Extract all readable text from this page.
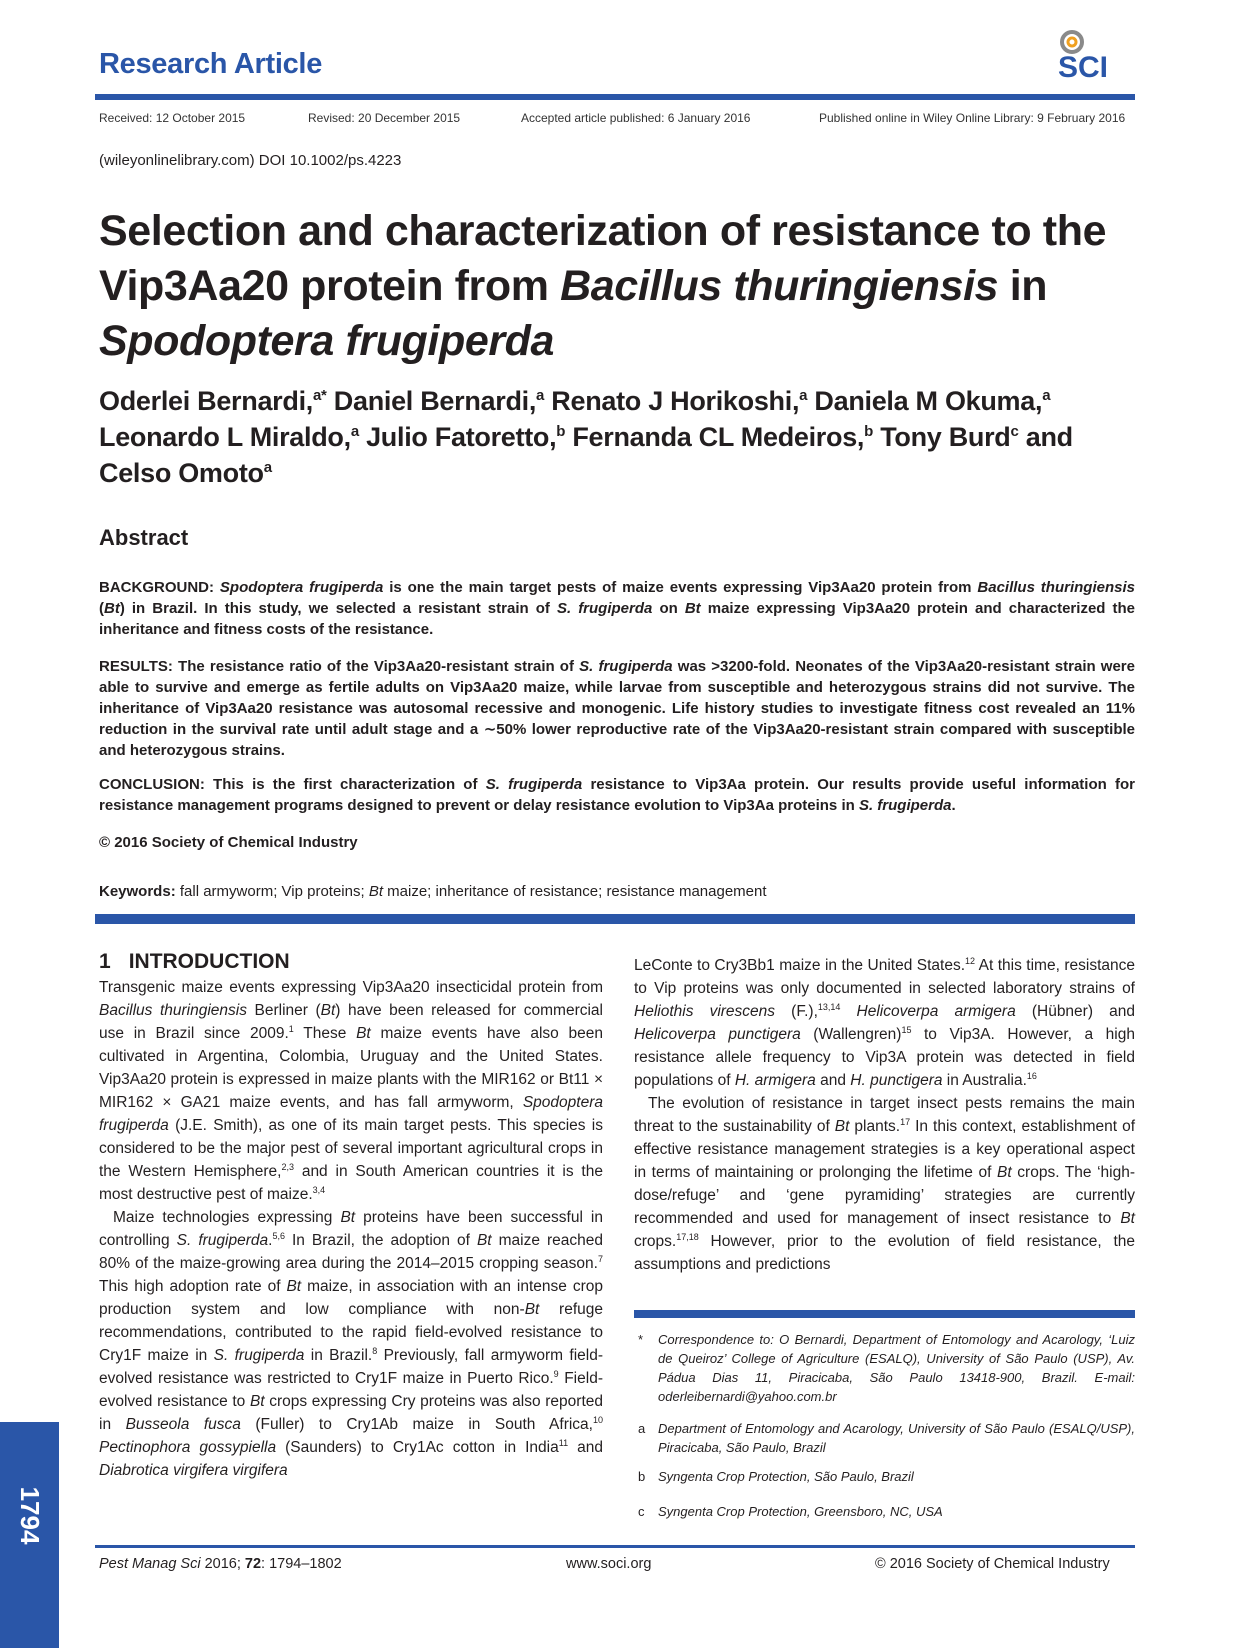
Research Article	SCI
Received: 12 October 2015	Revised: 20 December 2015	Accepted article published: 6 January 2016	Published online in Wiley Online Library: 9 February 2016
(wileyonlinelibrary.com) DOI 10.1002/ps.4223
Selection and characterization of resistance to the Vip3Aa20 protein from Bacillus thuringiensis in Spodoptera frugiperda
Oderlei Bernardi,$^{a*}$ Daniel Bernardi,$^a$ Renato J Horikoshi,$^a$ Daniela M Okuma,$^a$ Leonardo L Miraldo,$^a$ Julio Fatoretto,$^b$ Fernanda CL Medeiros,$^b$ Tony Burd$^c$ and Celso Omoto$^a$
Abstract
BACKGROUND: Spodoptera frugiperda is one the main target pests of maize events expressing Vip3Aa20 protein from Bacillus thuringiensis (Bt) in Brazil. In this study, we selected a resistant strain of S. frugiperda on Bt maize expressing Vip3Aa20 protein and characterized the inheritance and fitness costs of the resistance.
RESULTS: The resistance ratio of the Vip3Aa20-resistant strain of S. frugiperda was >3200-fold. Neonates of the Vip3Aa20-resistant strain were able to survive and emerge as fertile adults on Vip3Aa20 maize, while larvae from susceptible and heterozygous strains did not survive. The inheritance of Vip3Aa20 resistance was autosomal recessive and monogenic. Life history studies to investigate fitness cost revealed an 11% reduction in the survival rate until adult stage and a ∼50% lower reproductive rate of the Vip3Aa20-resistant strain compared with susceptible and heterozygous strains.
CONCLUSION: This is the first characterization of S. frugiperda resistance to Vip3Aa protein. Our results provide useful information for resistance management programs designed to prevent or delay resistance evolution to Vip3Aa proteins in S. frugiperda.
© 2016 Society of Chemical Industry
Keywords: fall armyworm; Vip proteins; Bt maize; inheritance of resistance; resistance management
1 INTRODUCTION

Transgenic maize events expressing Vip3Aa20 insecticidal protein from Bacillus thuringiensis Berliner (Bt) have been released for commercial use in Brazil since 2009.$^1$ These Bt maize events have also been cultivated in Argentina, Colombia, Uruguay and the United States. Vip3Aa20 protein is expressed in maize plants with the MIR162 or Bt11 × MIR162 × GA21 maize events, and has fall armyworm, Spodoptera frugiperda (J.E. Smith), as one of its main target pests. This species is considered to be the major pest of several important agricultural crops in the Western Hemisphere,$^{2,3}$ and in South American countries it is the most destructive pest of maize.$^{3,4}$

Maize technologies expressing Bt proteins have been successful in controlling S. frugiperda.$^{5,6}$ In Brazil, the adoption of Bt maize reached 80% of the maize-growing area during the 2014–2015 cropping season.$^7$ This high adoption rate of Bt maize, in association with an intense crop production system and low compliance with non-Bt refuge recommendations, contributed to the rapid field-evolved resistance to Cry1F maize in S. frugiperda in Brazil.$^8$ Previously, fall armyworm field-evolved resistance was restricted to Cry1F maize in Puerto Rico.$^9$ Field-evolved resistance to Bt crops expressing Cry proteins was also reported in Busseola fusca (Fuller) to Cry1Ab maize in South Africa,$^{10}$ Pectinophora gossypiella (Saunders) to Cry1Ac cotton in India$^{11}$ and Diabrotica virgifera virgifera

LeConte to Cry3Bb1 maize in the United States.$^{12}$ At this time, resistance to Vip proteins was only documented in selected laboratory strains of Heliothis virescens (F.),$^{13,14}$ Helicoverpa armigera (Hübner) and Helicoverpa punctigera (Wallengren)$^{15}$ to Vip3A. However, a high resistance allele frequency to Vip3A protein was detected in field populations of H. armigera and H. punctigera in Australia.$^{16}$

The evolution of resistance in target insect pests remains the main threat to the sustainability of Bt plants.$^{17}$ In this context, establishment of effective resistance management strategies is a key operational aspect in terms of maintaining or prolonging the lifetime of Bt crops. The ‘high-dose/refuge’ and ‘gene pyramiding’ strategies are currently recommended and used for management of insect resistance to Bt crops.$^{17,18}$ However, prior to the evolution of field resistance, the assumptions and predictions

* Correspondence to: O Bernardi, Department of Entomology and Acarology, ‘Luiz de Queiroz’ College of Agriculture (ESALQ), University of São Paulo (USP), Av. Pádua Dias 11, Piracicaba, São Paulo 13418-900, Brazil. E-mail: oderleibernardi@yahoo.com.br
a Department of Entomology and Acarology, University of São Paulo (ESALQ/USP), Piracicaba, São Paulo, Brazil
b Syngenta Crop Protection, São Paulo, Brazil
c Syngenta Crop Protection, Greensboro, NC, USA
1794
Pest Manag Sci 2016; 72: 1794–1802	www.soci.org	© 2016 Society of Chemical Industry
